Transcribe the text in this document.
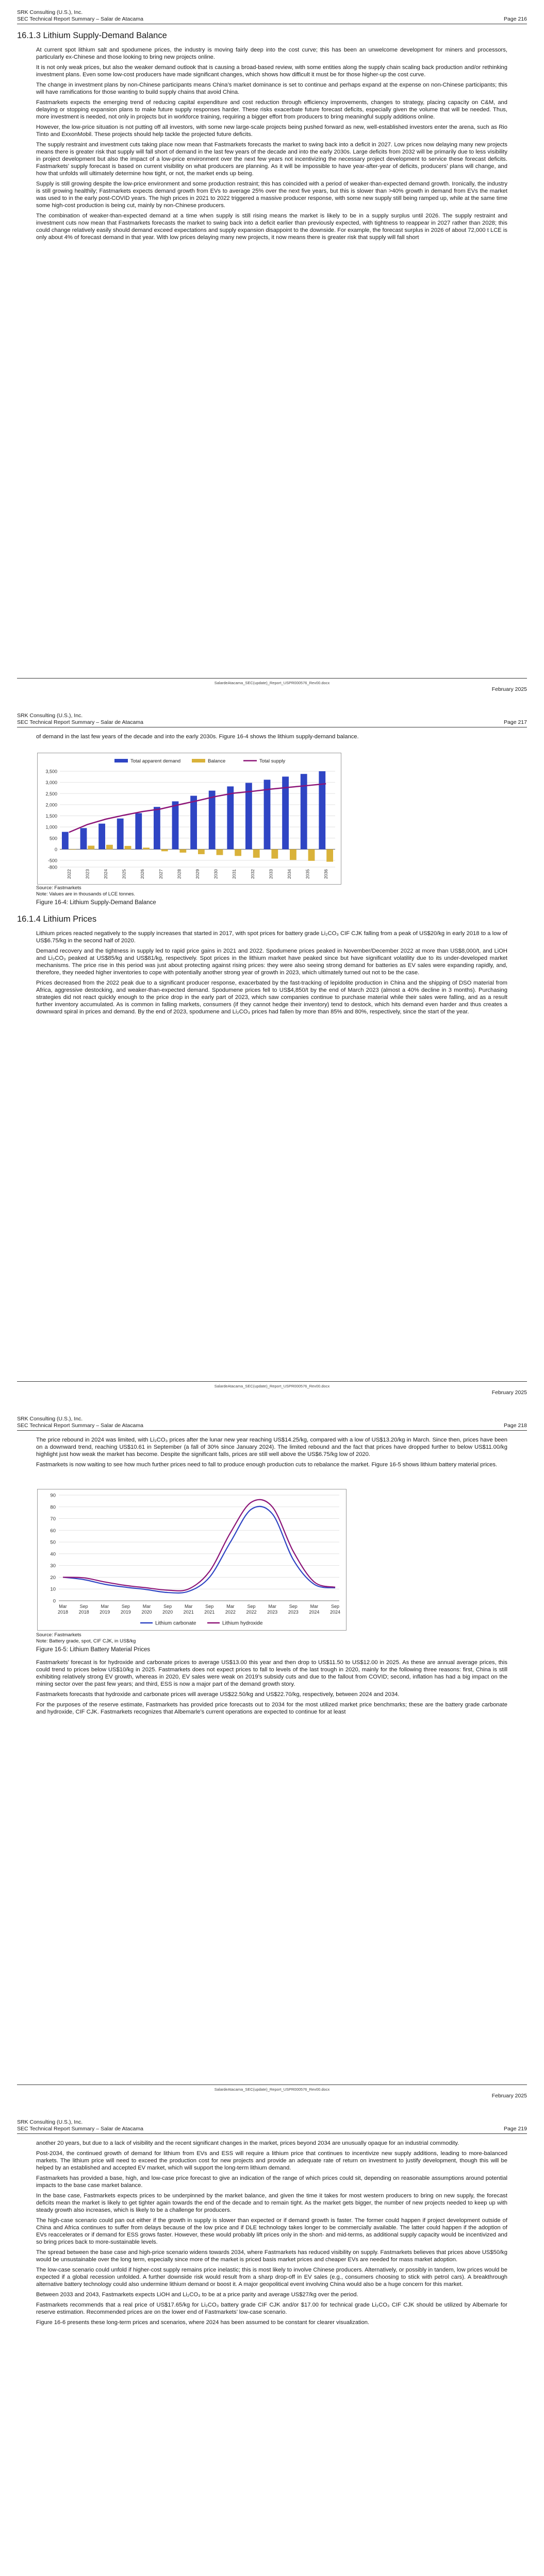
SRK Consulting (U.S.), Inc.
SEC Technical Report Summary – Salar de Atacama	Page 216
16.1.3 Lithium Supply-Demand Balance

At current spot lithium salt and spodumene prices, the industry is moving fairly deep into the cost curve; this has been an unwelcome development for miners and processors, particularly ex-Chinese and those looking to bring new projects online.

It is not only weak prices, but also the weaker demand outlook that is causing a broad-based review, with some entities along the supply chain scaling back production and/or rethinking investment plans. Even some low-cost producers have made significant changes, which shows how difficult it must be for those higher-up the cost curve.

The change in investment plans by non-Chinese participants means China’s market dominance is set to continue and perhaps expand at the expense on non-Chinese participants; this will have ramifications for those wanting to build supply chains that avoid China.

Fastmarkets expects the emerging trend of reducing capital expenditure and cost reduction through efficiency improvements, changes to strategy, placing capacity on C&M, and delaying or stopping expansion plans to make future supply responses harder. These risks exacerbate future forecast deficits, especially given the volume that will be needed. Thus, more investment is needed, not only in projects but in workforce training, requiring a bigger effort from producers to bring meaningful supply additions online.

However, the low-price situation is not putting off all investors, with some new large-scale projects being pushed forward as new, well-established investors enter the arena, such as Rio Tinto and ExxonMobil. These projects should help tackle the projected future deficits.

The supply restraint and investment cuts taking place now mean that Fastmarkets forecasts the market to swing back into a deficit in 2027. Low prices now delaying many new projects means there is greater risk that supply will fall short of demand in the last few years of the decade and into the early 2030s. Large deficits from 2032 will be primarily due to less visibility in project development but also the impact of a low-price environment over the next few years not incentivizing the necessary project development to service these forecast deficits. Fastmarkets’ supply forecast is based on current visibility on what producers are planning. As it will be impossible to have year-after-year of deficits, producers’ plans will change, and how that unfolds will ultimately determine how tight, or not, the market ends up being.

Supply is still growing despite the low-price environment and some production restraint; this has coincided with a period of weaker-than-expected demand growth. Ironically, the industry is still growing healthily; Fastmarkets expects demand growth from EVs to average 25% over the next five years, but this is slower than >40% growth in demand from EVs the market was used to in the early post-COVID years. The high prices in 2021 to 2022 triggered a massive producer response, with some new supply still being ramped up, while at the same time some high-cost production is being cut, mainly by non-Chinese producers.

The combination of weaker-than-expected demand at a time when supply is still rising means the market is likely to be in a supply surplus until 2026. The supply restraint and investment cuts now mean that Fastmarkets forecasts the market to swing back into a deficit earlier than previously expected, with tightness to reappear in 2027 rather than 2028; this could change relatively easily should demand exceed expectations and supply expansion disappoint to the downside. For example, the forecast surplus in 2026 of about 72,000 t LCE is only about 4% of forecast demand in that year. With low prices delaying many new projects, it now means there is greater risk that supply will fall short

SalardeAtacama_SEC(update)_Report_USPR000576_Rev00.docx
February 2025
SRK Consulting (U.S.), Inc.
SEC Technical Report Summary – Salar de Atacama	Page 217

of demand in the last few years of the decade and into the early 2030s. Figure 16-4 shows the lithium supply-demand balance.

3,500
3,000
2,500
2,000
1,500
1,000
500
0
-500
-800
Total apparent demand	Balance	Total supply
2022	2023	2024	2025	2026	2027	2028	2029	2030	2031	2032	2033	2034	2035	2036

Source: Fastmarkets

Note: Values are in thousands of LCE tonnes.

Figure 16-4: Lithium Supply-Demand Balance

16.1.4 Lithium Prices

Lithium prices reacted negatively to the supply increases that started in 2017, with spot prices for battery grade Li₂CO₃ CIF CJK falling from a peak of US$20/kg in early 2018 to a low of US$6.75/kg in the second half of 2020.

Demand recovery and the tightness in supply led to rapid price gains in 2021 and 2022. Spodumene prices peaked in November/December 2022 at more than US$8,000/t, and LiOH and Li₂CO₃ peaked at US$85/kg and US$81/kg, respectively. Spot prices in the lithium market have peaked since but have significant volatility due to its under-developed market mechanisms. The price rise in this period was just about protecting against rising prices: they were also seeing strong demand for batteries as EV sales were expanding rapidly, and, therefore, they needed higher inventories to cope with potentially another strong year of growth in 2023, which ultimately turned out not to be the case.

Prices decreased from the 2022 peak due to a significant producer response, exacerbated by the fast-tracking of lepidolite production in China and the shipping of DSO material from Africa, aggressive destocking, and weaker-than-expected demand. Spodumene prices fell to US$4,850/t by the end of March 2023 (almost a 40% decline in 3 months). Purchasing strategies did not react quickly enough to the price drop in the early part of 2023, which saw companies continue to purchase material while their sales were falling, and as a result further inventory accumulated. As is common in falling markets, consumers (if they cannot hedge their inventory) tend to destock, which hits demand even harder and thus creates a downward spiral in prices and demand. By the end of 2023, spodumene and Li₂CO₃ prices had fallen by more than 85% and 80%, respectively, since the start of the year.

SalardeAtacama_SEC(update)_Report_USPR000576_Rev00.docx
February 2025
SRK Consulting (U.S.), Inc.
SEC Technical Report Summary – Salar de Atacama	Page 218

The price rebound in 2024 was limited, with Li₂CO₃ prices after the lunar new year reaching US$14.25/kg, compared with a low of US$13.20/kg in March. Since then, prices have been on a downward trend, reaching US$10.61 in September (a fall of 30% since January 2024). The limited rebound and the fact that prices have dropped further to below US$11.00/kg highlight just how weak the market has become. Despite the significant falls, prices are still well above the US$6.75/kg low of 2020.

Fastmarkets is now waiting to see how much further prices need to fall to produce enough production cuts to rebalance the market. Figure 16-5 shows lithium battery material prices.

0
10
20
30
40
50
60
70
80
90
Mar
2018
Sep
2018
Mar
2019
Sep
2019
Mar
2020
Sep
2020
Mar
2021
Sep
2021
Mar
2022
Sep
2022
Mar
2023
Sep
2023
Mar
2024
Sep
2024
Lithium carbonate	Lithium hydroxide

Source: Fastmarkets

Note: Battery grade, spot, CIF CJK, in US$/kg

Figure 16-5: Lithium Battery Material Prices

Fastmarkets’ forecast is for hydroxide and carbonate prices to average US$13.00 this year and then drop to US$11.50 to US$12.00 in 2025. As these are annual average prices, this could trend to prices below US$10/kg in 2025. Fastmarkets does not expect prices to fall to levels of the last trough in 2020, mainly for the following three reasons: first, China is still exhibiting relatively strong EV growth, whereas in 2020, EV sales were weak on 2019’s subsidy cuts and due to the fallout from COVID; second, inflation has had a big impact on the mining sector over the past few years; and third, ESS is now a major part of the demand growth story.

Fastmarkets forecasts that hydroxide and carbonate prices will average US$22.50/kg and US$22.70/kg, respectively, between 2024 and 2034.

For the purposes of the reserve estimate, Fastmarkets has provided price forecasts out to 2034 for the most utilized market price benchmarks; these are the battery grade carbonate and hydroxide, CIF CJK. Fastmarkets recognizes that Albemarle’s current operations are expected to continue for at least

SalardeAtacama_SEC(update)_Report_USPR000576_Rev00.docx
February 2025
SRK Consulting (U.S.), Inc.
SEC Technical Report Summary – Salar de Atacama	Page 219

another 20 years, but due to a lack of visibility and the recent significant changes in the market, prices beyond 2034 are unusually opaque for an industrial commodity.

Post-2034, the continued growth of demand for lithium from EVs and ESS will require a lithium price that continues to incentivize new supply additions, leading to more-balanced markets. The lithium price will need to exceed the production cost for new projects and provide an adequate rate of return on investment to justify development, though this will be helped by an established and accepted EV market, which will support the long-term lithium demand.

Fastmarkets has provided a base, high, and low-case price forecast to give an indication of the range of which prices could sit, depending on reasonable assumptions around potential impacts to the base case market balance.

In the base case, Fastmarkets expects prices to be underpinned by the market balance, and given the time it takes for most western producers to bring on new supply, the forecast deficits mean the market is likely to get tighter again towards the end of the decade and to remain tight. As the market gets bigger, the number of new projects needed to keep up with steady growth also increases, which is likely to be a challenge for producers.

The high-case scenario could pan out either if the growth in supply is slower than expected or if demand growth is faster. The former could happen if project development outside of China and Africa continues to suffer from delays because of the low price and if DLE technology takes longer to be commercially available. The latter could happen if the adoption of EVs reaccelerates or if demand for ESS grows faster. However, these would probably lift prices only in the short- and mid-terms, as additional supply capacity would be incentivized and so bring prices back to more-sustainable levels.

The spread between the base case and high-price scenario widens towards 2034, where Fastmarkets has reduced visibility on supply. Fastmarkets believes that prices above US$50/kg would be unsustainable over the long term, especially since more of the market is priced basis market prices and cheaper EVs are needed for mass market adoption.

The low-case scenario could unfold if higher-cost supply remains price inelastic; this is most likely to involve Chinese producers. Alternatively, or possibly in tandem, low prices would be expected if a global recession unfolded. A further downside risk would result from a sharp drop-off in EV sales (e.g., consumers choosing to stick with petrol cars). A breakthrough alternative battery technology could also undermine lithium demand or boost it. A major geopolitical event involving China would also be a huge concern for this market.

Between 2033 and 2043, Fastmarkets expects LiOH and Li₂CO₃ to be at a price parity and average US$27/kg over the period.

Fastmarkets recommends that a real price of US$17.65/kg for Li₂CO₃ battery grade CIF CJK and/or $17.00 for technical grade Li₂CO₃ CIF CJK should be utilized by Albemarle for reserve estimation. Recommended prices are on the lower end of Fastmarkets’ low-case scenario.

Figure 16-6 presents these long-term prices and scenarios, where 2024 has been assumed to be constant for clearer visualization.
